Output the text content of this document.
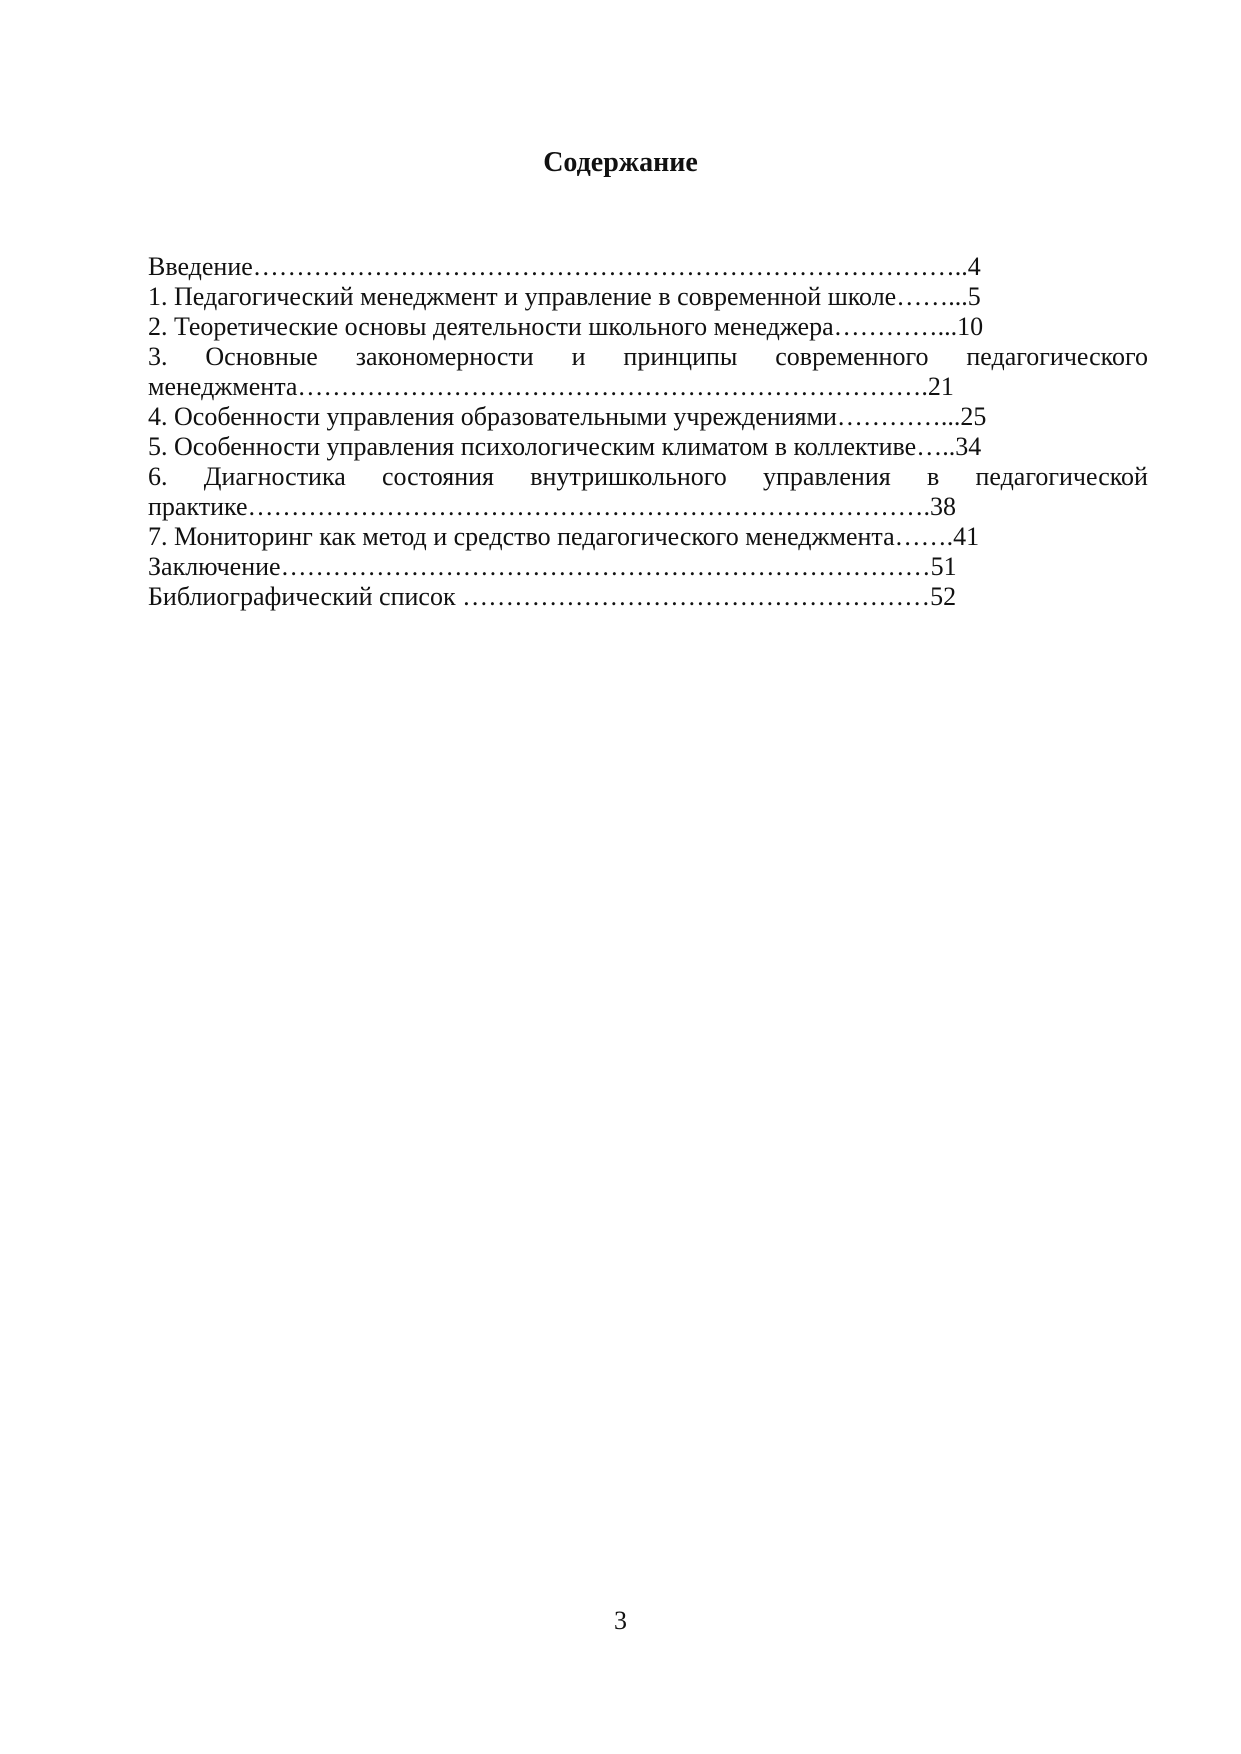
Содержание
Введение………………………………………………………………………..4
1. Педагогический менеджмент и управление в современной школе……...5
2. Теоретические основы деятельности школьного менеджера…………...10
3. Основные закономерности и принципы современного педагогического
менеджмента……………………………………………………………….21
4. Особенности управления образовательными учреждениями…………...25
5. Особенности управления психологическим климатом в коллективе…..34
6. Диагностика состояния внутришкольного управления в педагогической
практике…………………………………………………………………….38
7. Мониторинг как метод и средство педагогического менеджмента…….41
Заключение…………………………………………………………………51
Библиографический список ………………………………………………52
3
